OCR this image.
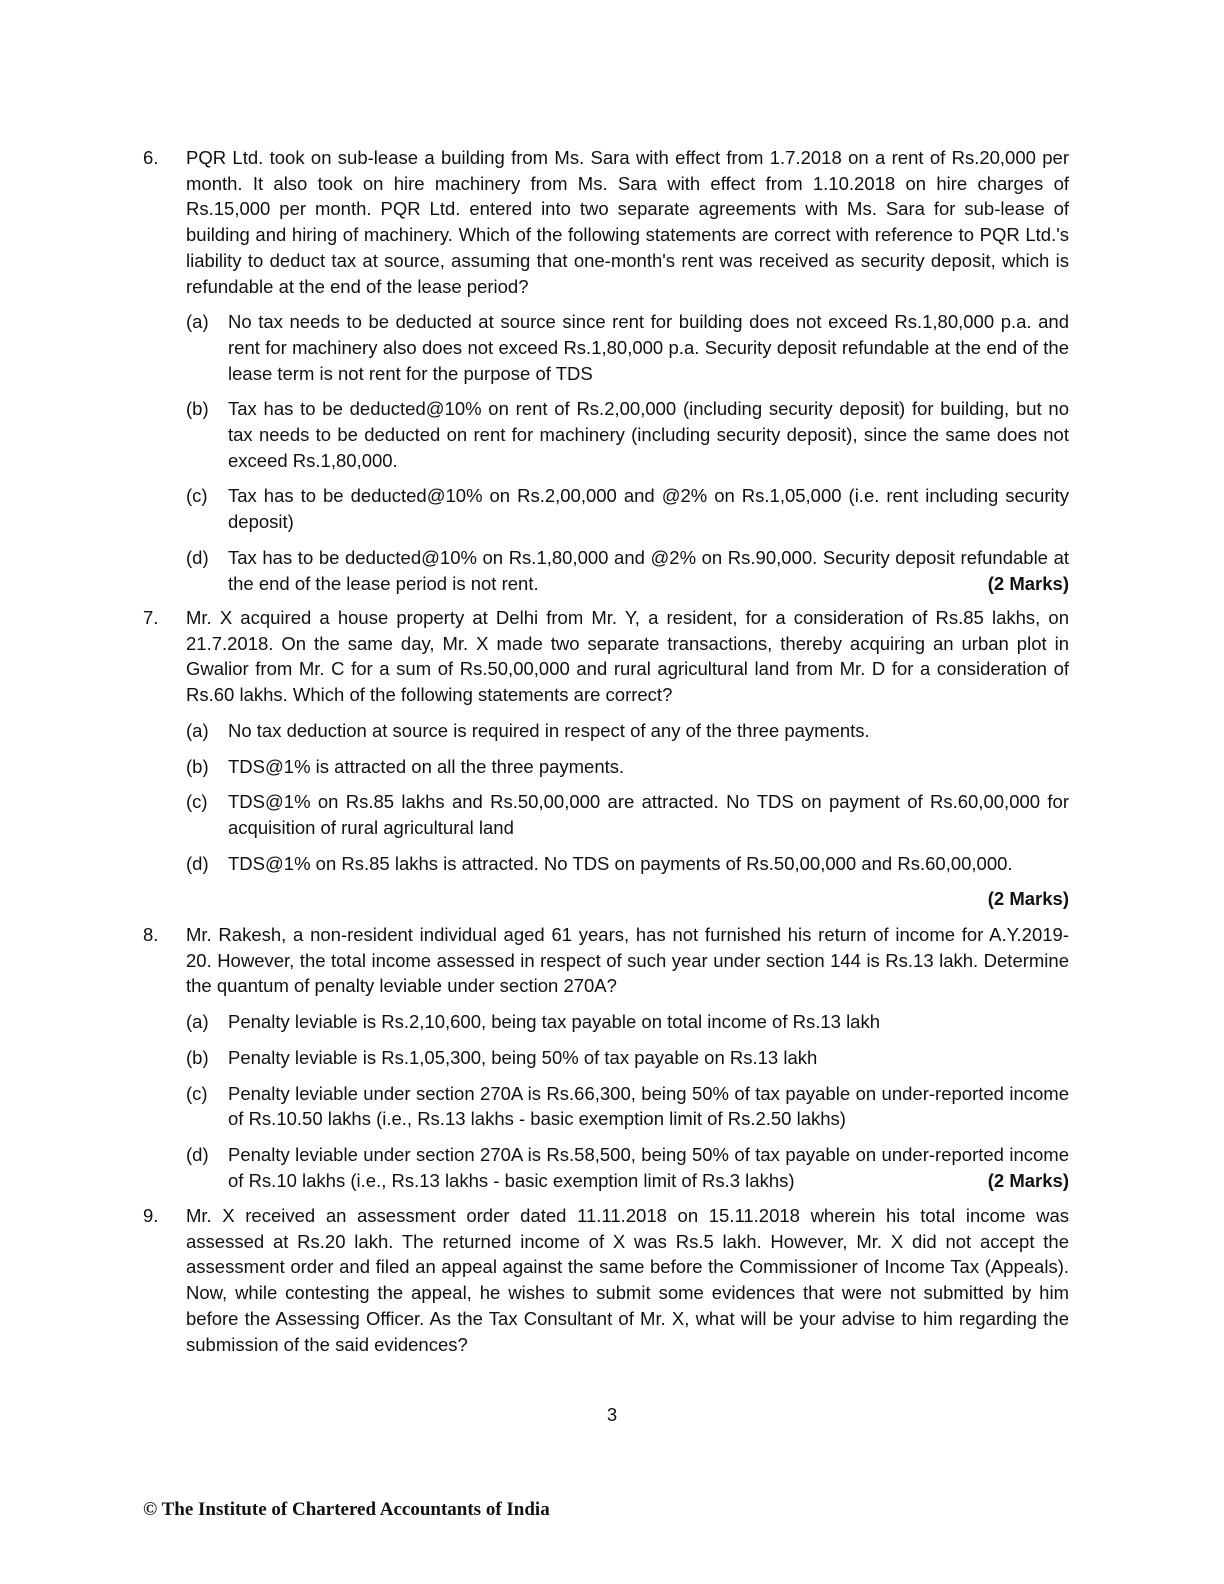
6.	PQR Ltd. took on sub-lease a building from Ms. Sara with effect from 1.7.2018 on a rent of Rs.20,000 per month. It also took on hire machinery from Ms. Sara with effect from 1.10.2018 on hire charges of Rs.15,000 per month. PQR Ltd. entered into two separate agreements with Ms. Sara for sub-lease of building and hiring of machinery. Which of the following statements are correct with reference to PQR Ltd.'s liability to deduct tax at source, assuming that one-month's rent was received as security deposit, which is refundable at the end of the lease period?
(a) No tax needs to be deducted at source since rent for building does not exceed Rs.1,80,000 p.a. and rent for machinery also does not exceed Rs.1,80,000 p.a. Security deposit refundable at the end of the lease term is not rent for the purpose of TDS
(b) Tax has to be deducted@10% on rent of Rs.2,00,000 (including security deposit) for building, but no tax needs to be deducted on rent for machinery (including security deposit), since the same does not exceed Rs.1,80,000.
(c) Tax has to be deducted@10% on Rs.2,00,000 and @2% on Rs.1,05,000 (i.e. rent including security deposit)
(d) Tax has to be deducted@10% on Rs.1,80,000 and @2% on Rs.90,000. Security deposit refundable at the end of the lease period is not rent.	(2 Marks)
7.	Mr. X acquired a house property at Delhi from Mr. Y, a resident, for a consideration of Rs.85 lakhs, on 21.7.2018. On the same day, Mr. X made two separate transactions, thereby acquiring an urban plot in Gwalior from Mr. C for a sum of Rs.50,00,000 and rural agricultural land from Mr. D for a consideration of Rs.60 lakhs. Which of the following statements are correct?
(a) No tax deduction at source is required in respect of any of the three payments.
(b) TDS@1% is attracted on all the three payments.
(c) TDS@1% on Rs.85 lakhs and Rs.50,00,000 are attracted. No TDS on payment of Rs.60,00,000 for acquisition of rural agricultural land
(d) TDS@1% on Rs.85 lakhs is attracted. No TDS on payments of Rs.50,00,000 and Rs.60,00,000.
(2 Marks)
8.	Mr. Rakesh, a non-resident individual aged 61 years, has not furnished his return of income for A.Y.2019-20. However, the total income assessed in respect of such year under section 144 is Rs.13 lakh. Determine the quantum of penalty leviable under section 270A?
(a) Penalty leviable is Rs.2,10,600, being tax payable on total income of Rs.13 lakh
(b) Penalty leviable is Rs.1,05,300, being 50% of tax payable on Rs.13 lakh
(c) Penalty leviable under section 270A is Rs.66,300, being 50% of tax payable on under-reported income of Rs.10.50 lakhs (i.e., Rs.13 lakhs - basic exemption limit of Rs.2.50 lakhs)
(d) Penalty leviable under section 270A is Rs.58,500, being 50% of tax payable on under-reported income of Rs.10 lakhs (i.e., Rs.13 lakhs - basic exemption limit of Rs.3 lakhs)	(2 Marks)
9.	Mr. X received an assessment order dated 11.11.2018 on 15.11.2018 wherein his total income was assessed at Rs.20 lakh. The returned income of X was Rs.5 lakh. However, Mr. X did not accept the assessment order and filed an appeal against the same before the Commissioner of Income Tax (Appeals). Now, while contesting the appeal, he wishes to submit some evidences that were not submitted by him before the Assessing Officer. As the Tax Consultant of Mr. X, what will be your advise to him regarding the submission of the said evidences?
3
© The Institute of Chartered Accountants of India
